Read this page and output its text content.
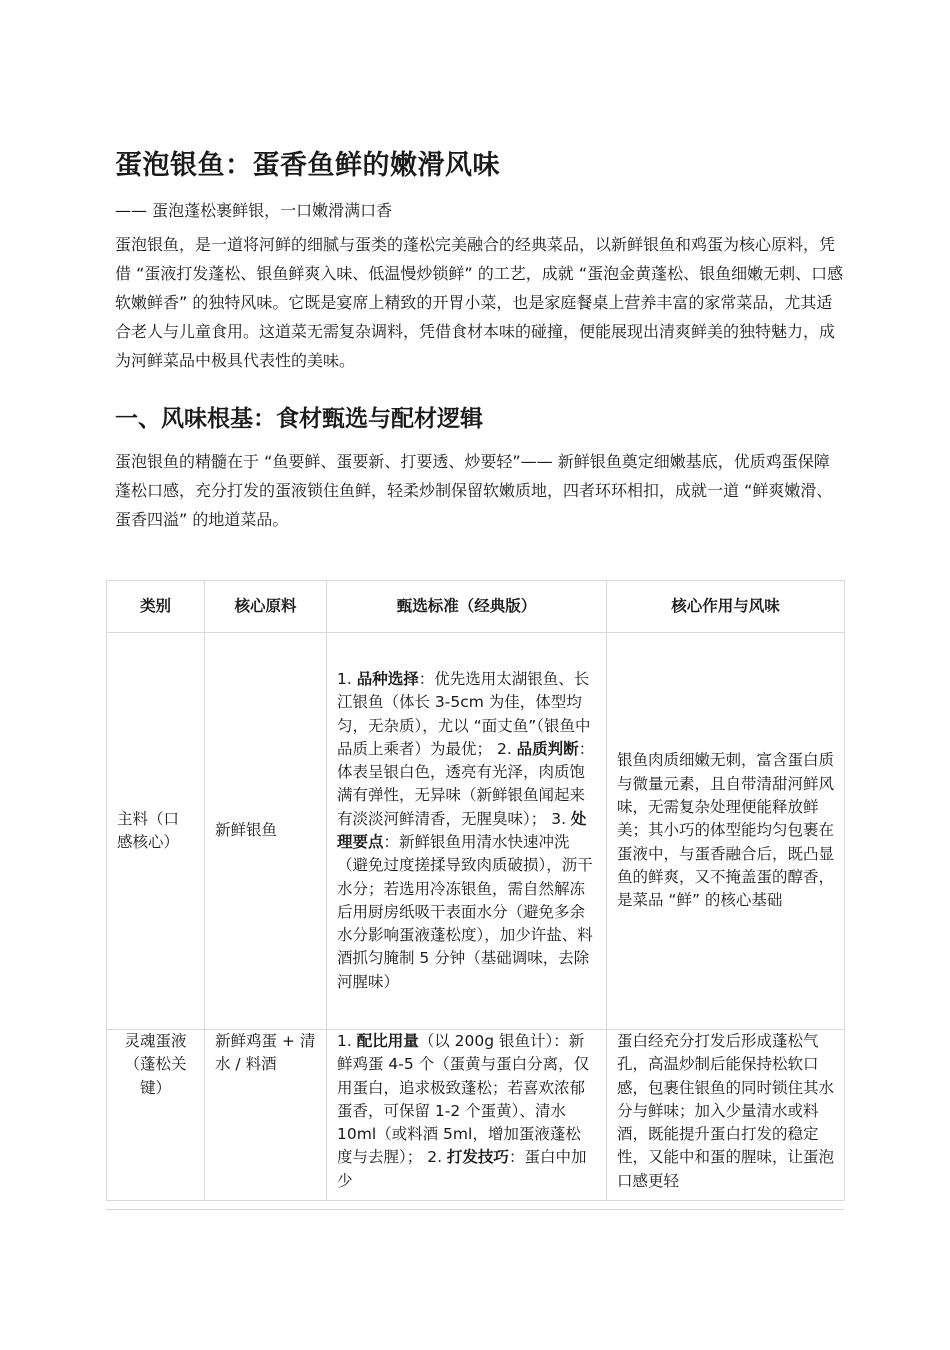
蛋泡银鱼：蛋香鱼鲜的嫩滑风味
—— 蛋泡蓬松裹鲜银，一口嫩滑满口香

蛋泡银鱼，是一道将河鲜的细腻与蛋类的蓬松完美融合的经典菜品，以新鲜银鱼和鸡蛋为核心原料，凭借 “蛋液打发蓬松、银鱼鲜爽入味、低温慢炒锁鲜” 的工艺，成就 “蛋泡金黄蓬松、银鱼细嫩无刺、口感软嫩鲜香” 的独特风味。它既是宴席上精致的开胃小菜，也是家庭餐桌上营养丰富的家常菜品，尤其适合老人与儿童食用。这道菜无需复杂调料，凭借食材本味的碰撞，便能展现出清爽鲜美的独特魅力，成为河鲜菜品中极具代表性的美味。

一、风味根基：食材甄选与配材逻辑

蛋泡银鱼的精髓在于 “鱼要鲜、蛋要新、打要透、炒要轻”—— 新鲜银鱼奠定细嫩基底，优质鸡蛋保障蓬松口感，充分打发的蛋液锁住鱼鲜，轻柔炒制保留软嫩质地，四者环环相扣，成就一道 “鲜爽嫩滑、蛋香四溢” 的地道菜品。

类别	核心原料	甄选标准（经典版）	核心作用与风味
主料（口感核心）	新鲜银鱼	1. 品种选择：优先选用太湖银鱼、长江银鱼（体长 3-5cm 为佳，体型均匀，无杂质），尤以 “面丈鱼”（银鱼中品质上乘者）为最优； 2. 品质判断：体表呈银白色，透亮有光泽，肉质饱满有弹性，无异味（新鲜银鱼闻起来有淡淡河鲜清香，无腥臭味）； 3. 处理要点：新鲜银鱼用清水快速冲洗（避免过度搓揉导致肉质破损），沥干水分；若选用冷冻银鱼，需自然解冻后用厨房纸吸干表面水分（避免多余水分影响蛋液蓬松度），加少许盐、料酒抓匀腌制 5 分钟（基础调味，去除河腥味）	银鱼肉质细嫩无刺，富含蛋白质与微量元素，且自带清甜河鲜风味，无需复杂处理便能释放鲜美；其小巧的体型能均匀包裹在蛋液中，与蛋香融合后，既凸显鱼的鲜爽，又不掩盖蛋的醇香，是菜品 “鲜” 的核心基础

灵魂蛋液（蓬松关键）	新鲜鸡蛋 + 清水 / 料酒	1. 配比用量（以 200g 银鱼计）：新鲜鸡蛋 4-5 个（蛋黄与蛋白分离，仅用蛋白，追求极致蓬松；若喜欢浓郁蛋香，可保留 1-2 个蛋黄）、清水 10ml（或料酒 5ml，增加蛋液蓬松度与去腥）； 2. 打发技巧：蛋白中加少	蛋白经充分打发后形成蓬松气孔，高温炒制后能保持松软口感，包裹住银鱼的同时锁住其水分与鲜味；加入少量清水或料酒，既能提升蛋白打发的稳定性，又能中和蛋的腥味，让蛋泡口感更轻
